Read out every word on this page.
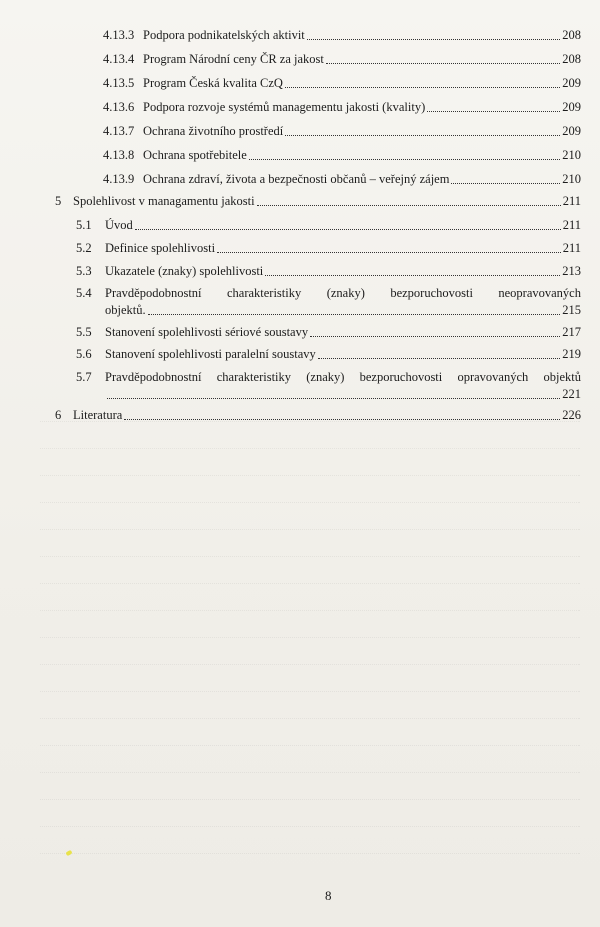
4.13.3 Podpora podnikatelských aktivit	208
4.13.4 Program Národní ceny ČR za jakost	208
4.13.5 Program Česká kvalita CzQ	209
4.13.6 Podpora rozvoje systémů managementu jakosti (kvality)	209
4.13.7 Ochrana životního prostředí	209
4.13.8 Ochrana spotřebitele	210
4.13.9 Ochrana zdraví, života a bezpečnosti občanů – veřejný zájem	210
5 Spolehlivost v managamentu jakosti	211
5.1	Úvod	211
5.2	Definice spolehlivosti	211
5.3	Ukazatele (znaky) spolehlivosti	213
5.4	Pravděpodobnostní charakteristiky (znaky) bezporuchovosti neopravovaných
objektů.	215
5.5	Stanovení spolehlivosti sériové soustavy	217
5.6	Stanovení spolehlivosti paralelní soustavy	219
5.7	Pravděpodobnostní charakteristiky (znaky) bezporuchovosti opravovaných objektů
221
6 Literatura	226
8
